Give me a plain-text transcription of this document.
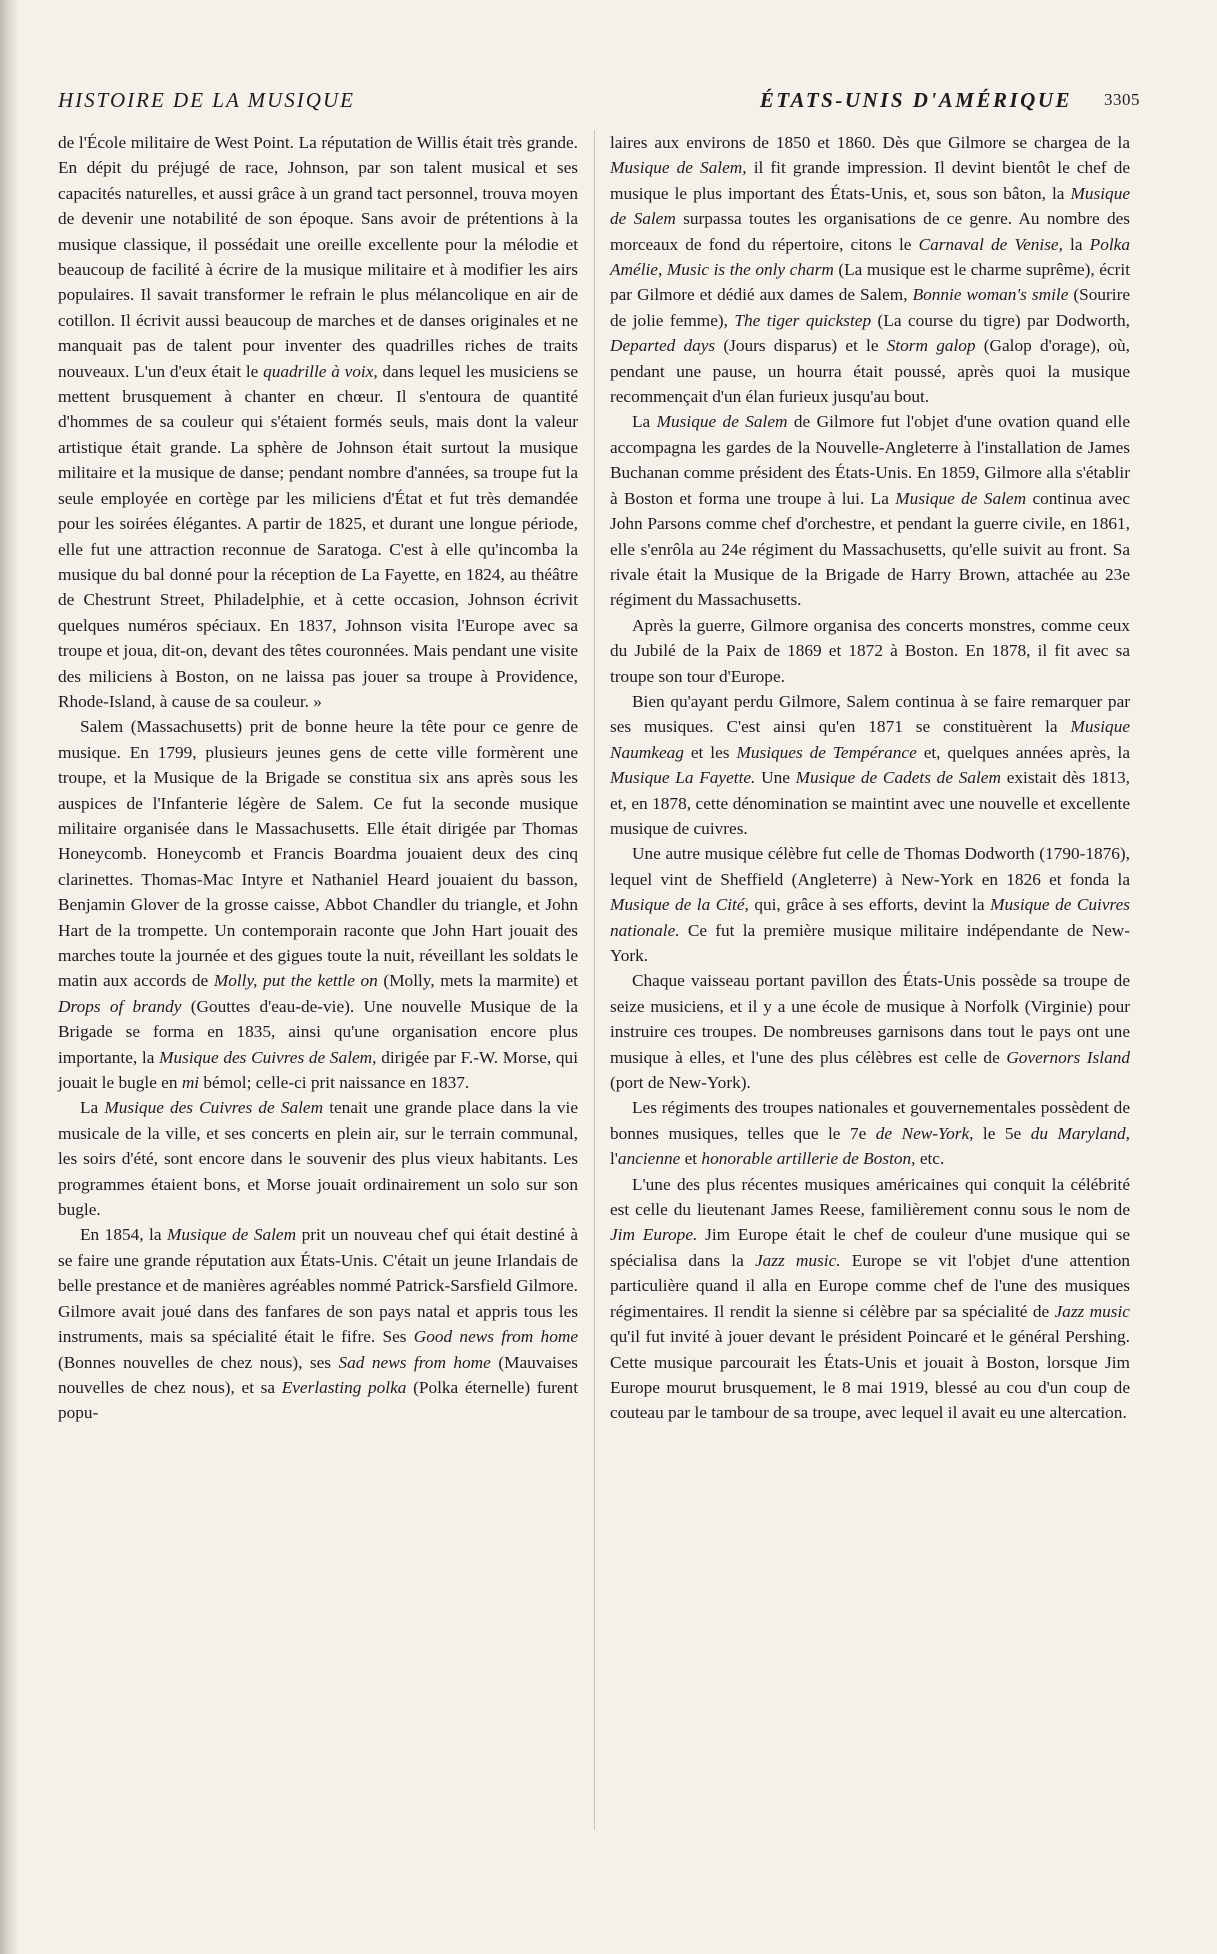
HISTOIRE DE LA MUSIQUE	ÉTATS-UNIS D'AMÉRIQUE 3305

de l'École militaire de West Point. La réputation de Willis était très grande. En dépit du préjugé de race, Johnson, par son talent musical et ses capacités naturelles, et aussi grâce à un grand tact personnel, trouva moyen de devenir une notabilité de son époque. Sans avoir de prétentions à la musique classique, il possédait une oreille excellente pour la mélodie et beaucoup de facilité à écrire de la musique militaire et à modifier les airs populaires. Il savait transformer le refrain le plus mélancolique en air de cotillon. Il écrivit aussi beaucoup de marches et de danses originales et ne manquait pas de talent pour inventer des quadrilles riches de traits nouveaux. L'un d'eux était le quadrille à voix, dans lequel les musiciens se mettent brusquement à chanter en chœur. Il s'entoura de quantité d'hommes de sa couleur qui s'étaient formés seuls, mais dont la valeur artistique était grande. La sphère de Johnson était surtout la musique militaire et la musique de danse; pendant nombre d'années, sa troupe fut la seule employée en cortège par les miliciens d'État et fut très demandée pour les soirées élégantes. A partir de 1825, et durant une longue période, elle fut une attraction reconnue de Saratoga. C'est à elle qu'incomba la musique du bal donné pour la réception de La Fayette, en 1824, au théâtre de Chestrunt Street, Philadelphie, et à cette occasion, Johnson écrivit quelques numéros spéciaux. En 1837, Johnson visita l'Europe avec sa troupe et joua, dit-on, devant des têtes couronnées. Mais pendant une visite des miliciens à Boston, on ne laissa pas jouer sa troupe à Providence, Rhode-Island, à cause de sa couleur. »

Salem (Massachusetts) prit de bonne heure la tête pour ce genre de musique. En 1799, plusieurs jeunes gens de cette ville formèrent une troupe, et la Musique de la Brigade se constitua six ans après sous les auspices de l'Infanterie légère de Salem. Ce fut la seconde musique militaire organisée dans le Massachusetts. Elle était dirigée par Thomas Honeycomb. Honeycomb et Francis Boardma jouaient deux des cinq clarinettes. Thomas-Mac Intyre et Nathaniel Heard jouaient du basson, Benjamin Glover de la grosse caisse, Abbot Chandler du triangle, et John Hart de la trompette. Un contemporain raconte que John Hart jouait des marches toute la journée et des gigues toute la nuit, réveillant les soldats le matin aux accords de Molly, put the kettle on (Molly, mets la marmite) et Drops of brandy (Gouttes d'eau-de-vie). Une nouvelle Musique de la Brigade se forma en 1835, ainsi qu'une organisation encore plus importante, la Musique des Cuivres de Salem, dirigée par F.-W. Morse, qui jouait le bugle en mi bémol; celle-ci prit naissance en 1837.

La Musique des Cuivres de Salem tenait une grande place dans la vie musicale de la ville, et ses concerts en plein air, sur le terrain communal, les soirs d'été, sont encore dans le souvenir des plus vieux habitants. Les programmes étaient bons, et Morse jouait ordinairement un solo sur son bugle.

En 1854, la Musique de Salem prit un nouveau chef qui était destiné à se faire une grande réputation aux États-Unis. C'était un jeune Irlandais de belle prestance et de manières agréables nommé Patrick-Sarsfield Gilmore. Gilmore avait joué dans des fanfares de son pays natal et appris tous les instruments, mais sa spécialité était le fifre. Ses Good news from home (Bonnes nouvelles de chez nous), ses Sad news from home (Mauvaises nouvelles de chez nous), et sa Everlasting polka (Polka éternelle) furent popu-

laires aux environs de 1850 et 1860. Dès que Gilmore se chargea de la Musique de Salem, il fit grande impression. Il devint bientôt le chef de musique le plus important des États-Unis, et, sous son bâton, la Musique de Salem surpassa toutes les organisations de ce genre. Au nombre des morceaux de fond du répertoire, citons le Carnaval de Venise, la Polka Amélie, Music is the only charm (La musique est le charme suprême), écrit par Gilmore et dédié aux dames de Salem, Bonnie woman's smile (Sourire de jolie femme), The tiger quickstep (La course du tigre) par Dodworth, Departed days (Jours disparus) et le Storm galop (Galop d'orage), où, pendant une pause, un hourra était poussé, après quoi la musique recommençait d'un élan furieux jusqu'au bout.

La Musique de Salem de Gilmore fut l'objet d'une ovation quand elle accompagna les gardes de la Nouvelle-Angleterre à l'installation de James Buchanan comme président des États-Unis. En 1859, Gilmore alla s'établir à Boston et forma une troupe à lui. La Musique de Salem continua avec John Parsons comme chef d'orchestre, et pendant la guerre civile, en 1861, elle s'enrôla au 24e régiment du Massachusetts, qu'elle suivit au front. Sa rivale était la Musique de la Brigade de Harry Brown, attachée au 23e régiment du Massachusetts.

Après la guerre, Gilmore organisa des concerts monstres, comme ceux du Jubilé de la Paix de 1869 et 1872 à Boston. En 1878, il fit avec sa troupe son tour d'Europe.

Bien qu'ayant perdu Gilmore, Salem continua à se faire remarquer par ses musiques. C'est ainsi qu'en 1871 se constituèrent la Musique Naumkeag et les Musiques de Tempérance et, quelques années après, la Musique La Fayette. Une Musique de Cadets de Salem existait dès 1813, et, en 1878, cette dénomination se maintint avec une nouvelle et excellente musique de cuivres.

Une autre musique célèbre fut celle de Thomas Dodworth (1790-1876), lequel vint de Sheffield (Angleterre) à New-York en 1826 et fonda la Musique de la Cité, qui, grâce à ses efforts, devint la Musique de Cuivres nationale. Ce fut la première musique militaire indépendante de New-York.

Chaque vaisseau portant pavillon des États-Unis possède sa troupe de seize musiciens, et il y a une école de musique à Norfolk (Virginie) pour instruire ces troupes. De nombreuses garnisons dans tout le pays ont une musique à elles, et l'une des plus célèbres est celle de Governors Island (port de New-York).

Les régiments des troupes nationales et gouvernementales possèdent de bonnes musiques, telles que le 7e de New-York, le 5e du Maryland, l'ancienne et honorable artillerie de Boston, etc.

L'une des plus récentes musiques américaines qui conquit la célébrité est celle du lieutenant James Reese, familièrement connu sous le nom de Jim Europe. Jim Europe était le chef de couleur d'une musique qui se spécialisa dans la Jazz music. Europe se vit l'objet d'une attention particulière quand il alla en Europe comme chef de l'une des musiques régimentaires. Il rendit la sienne si célèbre par sa spécialité de Jazz music qu'il fut invité à jouer devant le président Poincaré et le général Pershing. Cette musique parcourait les États-Unis et jouait à Boston, lorsque Jim Europe mourut brusquement, le 8 mai 1919, blessé au cou d'un coup de couteau par le tambour de sa troupe, avec lequel il avait eu une altercation.
